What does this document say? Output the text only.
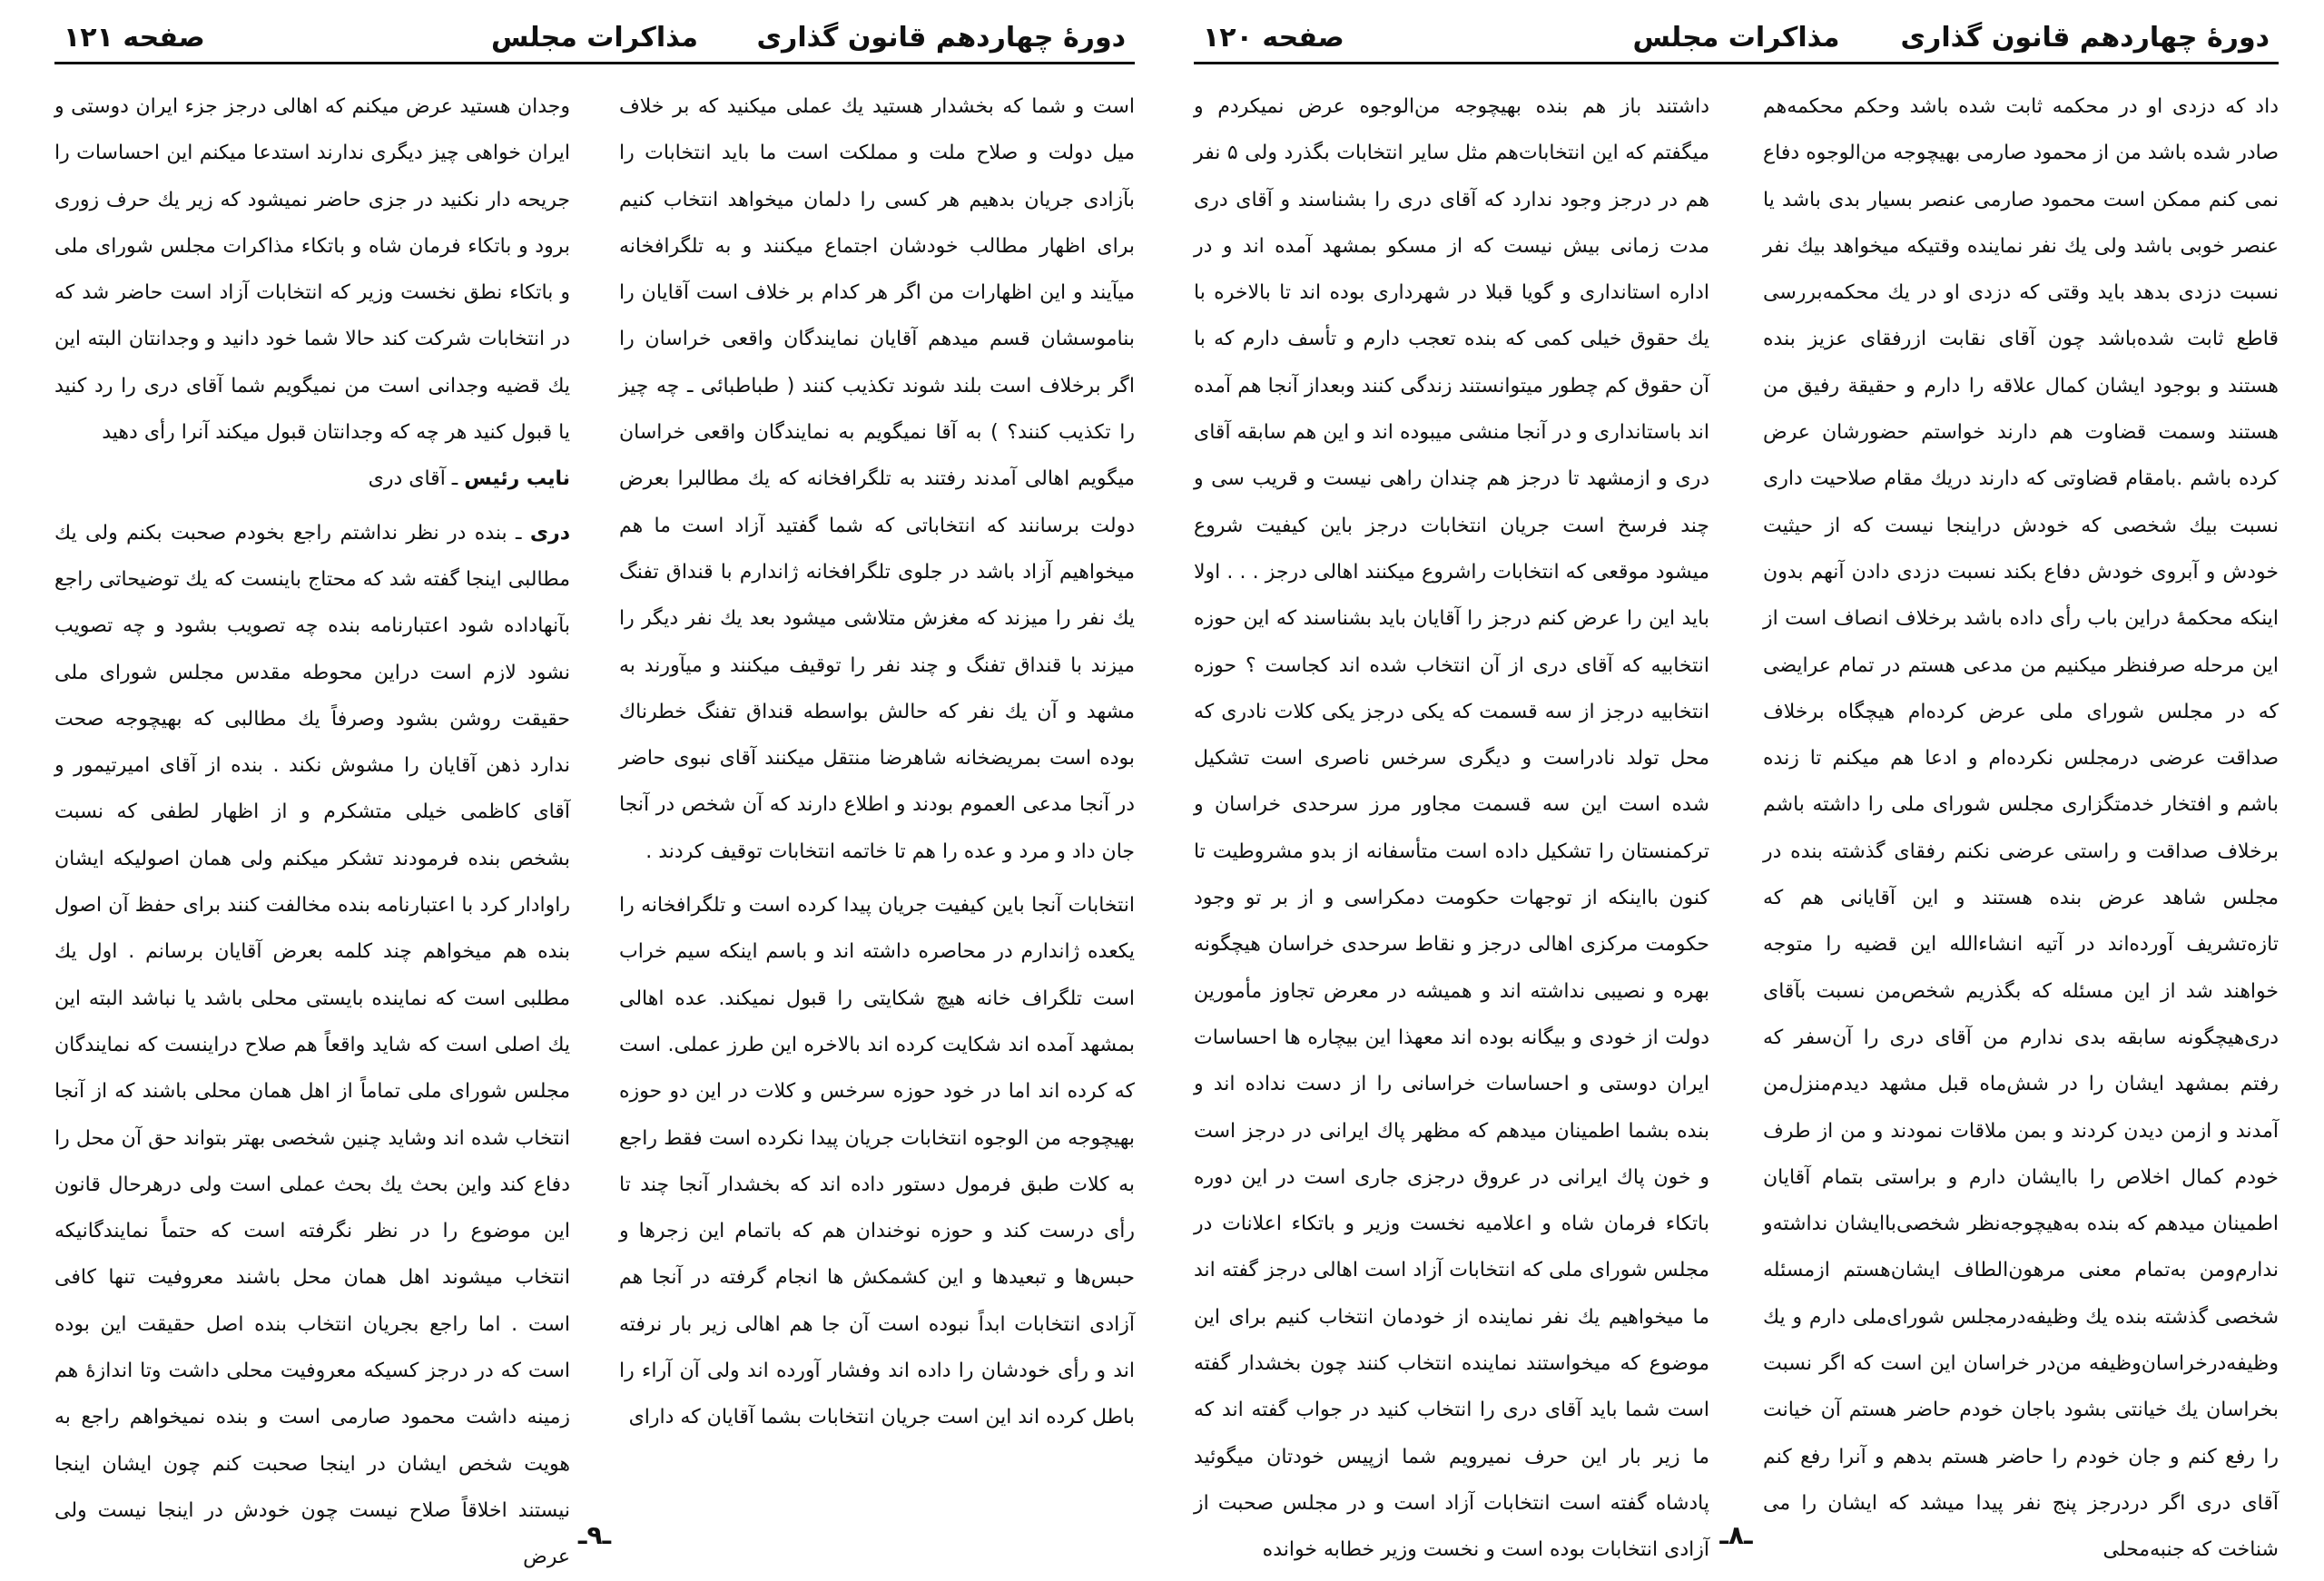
دورهٔ چهاردهم قانون گذاری
مذاکرات مجلس
صفحه ۱۲۱

است و شما که بخشدار هستید یك عملی میکنید که بر خلاف میل دولت و صلاح ملت و مملکت است ما باید انتخابات را بآزادی جریان بدهیم هر کسی را دلمان میخواهد انتخاب کنیم برای اظهار مطالب خودشان اجتماع میکنند و به تلگرافخانه میآیند و این اظهارات من اگر هر کدام بر خلاف است آقایان را بناموسشان قسم میدهم آقایان نمایندگان واقعی خراسان را اگر برخلاف است بلند شوند تکذیب کنند ( طباطبائی ـ چه چیز را تکذیب کنند؟ ) به آقا نمیگویم به نمایندگان واقعی خراسان میگویم اهالی آمدند رفتند به تلگرافخانه که یك مطالبرا بعرض دولت برسانند که انتخاباتی که شما گفتید آزاد است ما هم میخواهیم آزاد باشد در جلوی تلگرافخانه ژاندارم با قنداق تفنگ یك نفر را میزند که مغزش متلاشی میشود بعد یك نفر دیگر را میزند با قنداق تفنگ و چند نفر را توقیف میکنند و میآورند به مشهد و آن یك نفر که حالش بواسطه قنداق تفنگ خطرناك بوده است بمریضخانه شاهرضا منتقل میکنند آقای نبوی حاضر در آنجا مدعی العموم بودند و اطلاع دارند که آن شخص در آنجا جان داد و مرد و عده‌ را هم تا خاتمه انتخابات توقیف کردند .

انتخابات آنجا باین کیفیت جریان پیدا کرده است و تلگرافخانه را یکعده ژاندارم در محاصره داشته اند و باسم اینکه سیم خراب است تلگراف خانه هیچ شکایتی را قبول نمیکند. عده اهالی بمشهد آمده اند شکایت کرده اند بالاخره این طرز عملی. است که کرده اند اما در خود حوزه سرخس و کلات در این دو حوزه بهیچوجه من الوجوه انتخابات جریان پیدا نکرده است فقط راجع به کلات طبق فرمول دستور داده اند که بخشدار آنجا چند تا رأی درست کند و حوزه نوخندان هم که باتمام این زجرها و حبس‌ها و تبعیدها و این کشمکش ها انجام گرفته در آنجا هم آزادی انتخابات ابداً نبوده است آن جا هم اهالی زیر بار نرفته اند و رأی خودشان را داده اند وفشار آورده اند ولی آن آراء را باطل کرده اند این است جریان انتخابات بشما آقایان که دارای

وجدان هستید عرض میکنم که اهالی درجز جزء ایران دوستی و ایران خواهی چیز دیگری ندارند استدعا میکنم این احساسات را جریحه دار نکنید در جزی حاضر نمیشود که زیر یك حرف زوری برود و باتکاء فرمان شاه و باتکاء مذاکرات مجلس شورای ملی و باتکاء نطق نخست وزیر که انتخابات آزاد است حاضر شد که در انتخابات شرکت کند حالا شما خود دانید و وجدانتان البته این یك قضیه وجدانی است من نمیگویم شما آقای دری را رد کنید یا قبول کنید هر چه که وجدانتان قبول میکند آنرا رأی دهید

نایب رئیس ـ آقای دری

دری ـ بنده در نظر نداشتم راجع بخودم صحبت بکنم ولی یك مطالبی اینجا گفته شد که محتاج باینست که یك توضیحاتی راجع بآنهاداده شود اعتبارنامه بنده چه تصویب بشود و چه تصویب نشود لازم است دراین محوطه مقدس مجلس شورای ملی حقیقت روشن بشود وصرفاً یك مطالبی که بهیچوجه صحت ندارد ذهن آقایان را مشوش نکند . بنده از آقای امیرتیمور و آقای کاظمی خیلی متشکرم و از اظهار لطفی که نسبت بشخص بنده فرمودند تشکر میکنم ولی همان اصولیکه ایشان راوادار کرد با اعتبارنامه بنده مخالفت کنند برای حفظ آن اصول بنده هم میخواهم چند کلمه بعرض آقایان برسانم . اول یك مطلبی است که نماینده بایستی محلی باشد یا نباشد البته این یك اصلی است که شاید واقعاً هم صلاح دراینست که نمایندگان مجلس شورای ملی تماماً از اهل همان محلی باشند که از آنجا انتخاب شده اند وشاید چنین شخصی بهتر بتواند حق آن محل را دفاع کند واین بحث یك بحث عملی است ولی درهرحال قانون این موضوع را در نظر نگرفته است که حتماً نمایندگانیکه انتخاب میشوند اهل همان محل باشند معروفیت تنها کافی است . اما راجع بجریان انتخاب بنده اصل حقیقت این بوده است که در درجز کسیکه معروفیت محلی داشت وتا اندازهٔ هم زمینه داشت محمود صارمی است و بنده نمیخواهم راجع به هویت شخص ایشان در اینجا صحبت کنم چون ایشان اینجا نیستند اخلاقاً صلاح نیست چون خودش در اینجا نیست ولی عرض

ـ۹ـ
دورهٔ چهاردهم قانون گذاری
مذاکرات مجلس
صفحه ۱۲۰

داد که دزدی او در محکمه ثابت شده باشد وحکم محکمه‌هم صادر شده باشد من از محمود صارمی بهیچوجه من‌الوجوه دفاع نمی کنم ممکن است محمود صارمی عنصر بسیار بدی باشد یا عنصر خوبی باشد ولی یك نفر نماینده وقتیکه میخواهد بیك نفر نسبت دزدی بدهد باید وقتی که دزدی او در یك محکمه‌بررسی قاطع ثابت شده‌باشد چون آقای نقابت ازرفقای عزیز بنده هستند و بوجود ایشان کمال علاقه را دارم و حقیقة رفیق من هستند وسمت قضاوت هم دارند خواستم حضورشان عرض کرده باشم .بامقام قضاوتی که دارند دریك مقام صلاحیت داری نسبت بیك شخصی که خودش دراینجا نیست که از حیثیت خودش و آبروی خودش دفاع بکند نسبت دزدی دادن آنهم بدون اینکه محکمهٔ دراین باب رأی داده باشد برخلاف انصاف است از این مرحله صرفنظر میکنیم من مدعی هستم در تمام عرایضی که در مجلس شورای ملی عرض کرده‌ام هیچگاه برخلاف صداقت عرضی درمجلس نکرده‌ام و ادعا هم میکنم تا زنده باشم و افتخار خدمتگزاری مجلس شورای ملی را داشته باشم برخلاف صداقت و راستی عرضی نکنم رفقای گذشته بنده در مجلس شاهد عرض بنده هستند و این آقایانی هم که تازه‌تشریف آورده‌اند در آتیه انشاءالله این قضیه را متوجه خواهند شد از این مسئله که بگذریم شخص‌من نسبت بآقای دری‌هیچگونه سابقه بدی ندارم من آقای دری را آن‌سفر که رفتم بمشهد ایشان را در شش‌ماه قبل مشهد دیدم‌منزل‌من آمدند و ازمن دیدن کردند و بمن ملاقات نمودند و من از طرف خودم کمال اخلاص را باایشان دارم و براستی بتمام آقایان اطمینان میدهم که بنده به‌هیچوجه‌نظر شخصی‌باایشان نداشته‌و ندارم‌ومن به‌تمام معنی مرهون‌الطاف ایشان‌هستم از‌مسئله شخصی گذشته بنده یك وظیفه‌درمجلس شورای‌ملی دارم و یك وظیفه‌درخراسان‌وظیفه من‌در خراسان این است که اگر نسبت بخراسان یك خیانتی بشود باجان خودم حاضر هستم آن خیانت را رفع کنم و جان خودم را حاضر هستم بدهم و آنرا رفع کنم آقای دری اگر دردرجز پنج نفر پیدا میشد که ایشان را می شناخت که جنبه‌محلی

داشتند باز هم بنده بهیچوجه من‌الوجوه عرض نمیکردم و میگفتم که این انتخابات‌هم مثل سایر انتخابات بگذرد ولی ۵ نفر هم در درجز وجود ندارد که آقای دری را بشناسند و آقای دری مدت زمانی بیش نیست که از مسکو بمشهد آمده اند و در اداره استانداری و گویا قبلا در شهرداری بوده اند تا بالاخره با یك حقوق خیلی کمی که بنده تعجب دارم و تأسف دارم که با آن حقوق کم چطور میتوانستند زندگی کنند وبعداز آنجا هم آمده اند باستانداری و در آنجا منشی میبوده اند و این هم سابقه آقای دری و ازمشهد تا درجز هم چندان راهی نیست و قریب سی و چند فرسخ است جریان انتخابات درجز باین کیفیت شروع میشود موقعی که انتخابات راشروع میکنند اهالی درجز . . . اولا باید این را عرض کنم درجز را آقایان باید بشناسند که این حوزه انتخابیه که آقای دری از آن انتخاب شده اند کجاست ؟ حوزه انتخابیه درجز از سه قسمت که یکی درجز یکی کلات نادری که محل تولد نادراست و دیگری سرخس ناصری است تشکیل شده است این سه قسمت مجاور مرز سرحدی خراسان و ترکمنستان را تشکیل داده است متأسفانه از بدو مشروطیت تا کنون بااینکه از توجهات حکومت دمکراسی و از بر تو وجود حکومت مرکزی اهالی درجز و نقاط سرحدی خراسان هیچگونه بهره و نصیبی نداشته اند و همیشه در معرض تجاوز مأمورین دولت از خودی و بیگانه بوده اند معهذا این بیچاره ها احساسات ایران دوستی و احساسات خراسانی را از دست نداده اند و بنده بشما اطمینان میدهم که مظهر پاك ایرانی در درجز است و خون پاك ایرانی در عروق درجزی جاری است در این دوره باتکاء فرمان شاه و اعلامیه نخست وزیر و باتکاء اعلانات در مجلس شورای ملی که انتخابات آزاد است اهالی درجز گفته اند ما میخواهیم یك نفر نماینده از خودمان انتخاب کنیم برای این موضوع که میخواستند نماینده انتخاب کنند چون بخشدار گفته است شما باید آقای دری را انتخاب کنید در جواب گفته اند که ما زیر بار این حرف نمیرویم شما ازپیس خودتان میگوئید پادشاه گفته است انتخابات آزاد است و در مجلس صحبت از آزادی انتخابات بوده است و نخست وزیر خطابه خوانده ـ۸ـ
